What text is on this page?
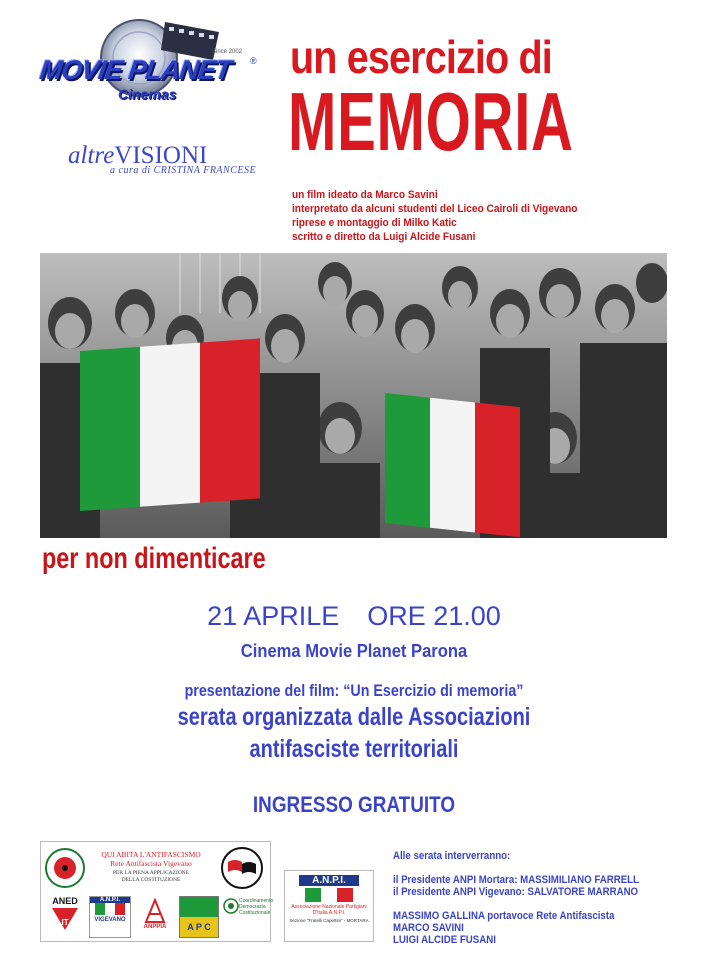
Since 2002
MOVIE PLANET	®
Cinemas
altreVISIONI
a cura di CRISTINA FRANCESE
un esercizio di
MEMORIA
un film ideato da Marco Savini
interpretato da alcuni studenti del Liceo Cairoli di Vigevano
riprese e montaggio di Milko Katic
scritto e diretto da Luigi Alcide Fusani
per non dimenticare
21 APRILE ORE 21.00
Cinema Movie Planet Parona
presentazione del film: “Un Esercizio di memoria”
serata organizzata dalle Associazioni
antifasciste territoriali
INGRESSO GRATUITO
QUI ABITA L'ANTIFASCISMO
Rete Antifascista Vigevano
PER LA PIENA APPLICAZIONE
DELLA COSTITUZIONE
ANED
IT
A.N.P.I.
VIGEVANO
ANPPIA	A P C
Coordinamento Democrazia Costituzionale
A.N.P.I.
Associazione Nazionale Partigiani D'Italia A.N.P.I.
Sezione "Fratelli Capettini" - MORTARA
Alle serata interverranno:
il Presidente ANPI Mortara: MASSIMILIANO FARRELL
il Presidente ANPI Vigevano: SALVATORE MARRANO
MASSIMO GALLINA portavoce Rete Antifascista
MARCO SAVINI
LUIGI ALCIDE FUSANI
